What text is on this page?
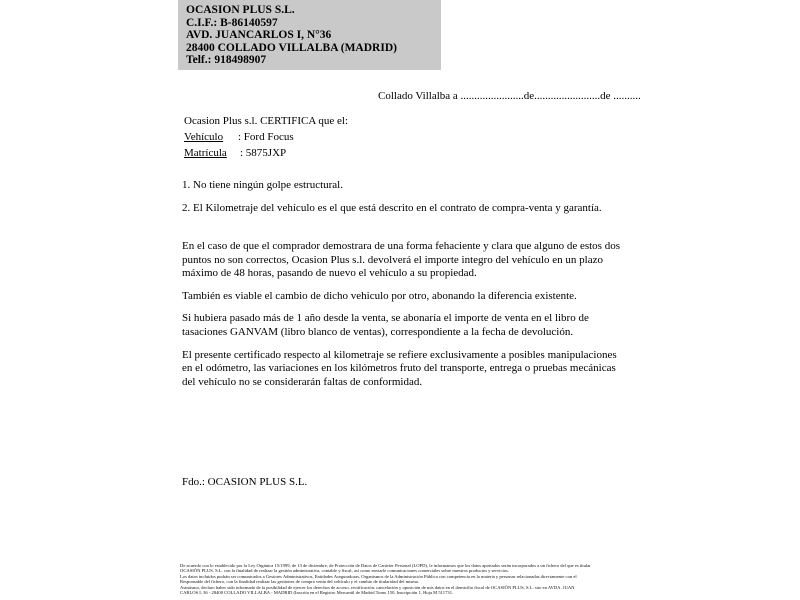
OCASION PLUS S.L.
C.I.F.: B-86140597
AVD. JUANCARLOS I, N°36
28400 COLLADO VILLALBA (MADRID)
Telf.: 918498907
Collado Villalba a .......................de........................de ..........
Ocasion Plus s.l. CERTIFICA que el:
Vehículo : Ford Focus
Matrícula : 5875JXP
1. No tiene ningún golpe estructural.
2. El Kilometraje del vehículo es el que está descrito en el contrato de compra-venta y garantía.

En el caso de que el comprador demostrara de una forma fehaciente y clara que alguno de estos dos puntos no son correctos, Ocasion Plus s.l. devolverá el importe integro del vehículo en un plazo máximo de 48 horas, pasando de nuevo el vehículo a su propiedad.

También es viable el cambio de dicho vehiculo por otro, abonando la diferencia existente.

Si hubiera pasado más de 1 año desde la venta, se abonaría el importe de venta en el libro de tasaciones GANVAM (libro blanco de ventas), correspondiente a la fecha de devolución.

El presente certificado respecto al kilometraje se refiere exclusivamente a posibles manipulaciones en el odómetro, las variaciones en los kilómetros fruto del transporte, entrega o pruebas mecánicas del vehículo no se considerarán faltas de conformidad.

Fdo.: OCASION PLUS S.L.
De acuerdo con lo establecido por la Ley Orgánica 15/1999, de 13 de diciembre, de Protección de Datos de Carácter Personal (LOPD), le informamos que los datos aportados serán incorporados a un fichero del que es titular
OCASIÓN PLUS, S.L. con la finalidad de realizar la gestión administrativa, contable y fiscal, así como enviarle comunicaciones comerciales sobre nuestros productos y servicios.
Los datos incluidos podrán ser comunicados a Gestores Administrativos, Entidades Aseguradoras, Organismos de la Administración Pública con competencia en la materia y personas relacionadas directamente con el
Responsable del fichero, con la finalidad realizar las gestiones de compra venta del vehículo y el cambio de titularidad del mismo.
Asimismo, declaro haber sido informado de la posibilidad de ejercer los derechos de acceso, rectificación, cancelación y oposición de mis datos en el domicilio fiscal de OCASIÓN PLUS, S.L. sito en AVDA. JUAN
CARLOS I, 36 - 28400 COLLADO VILLALBA - MADRID (Inscrita en el Registro Mercantil de Madrid Tomo 150, Inscripción 1, Hoja M 511731.
